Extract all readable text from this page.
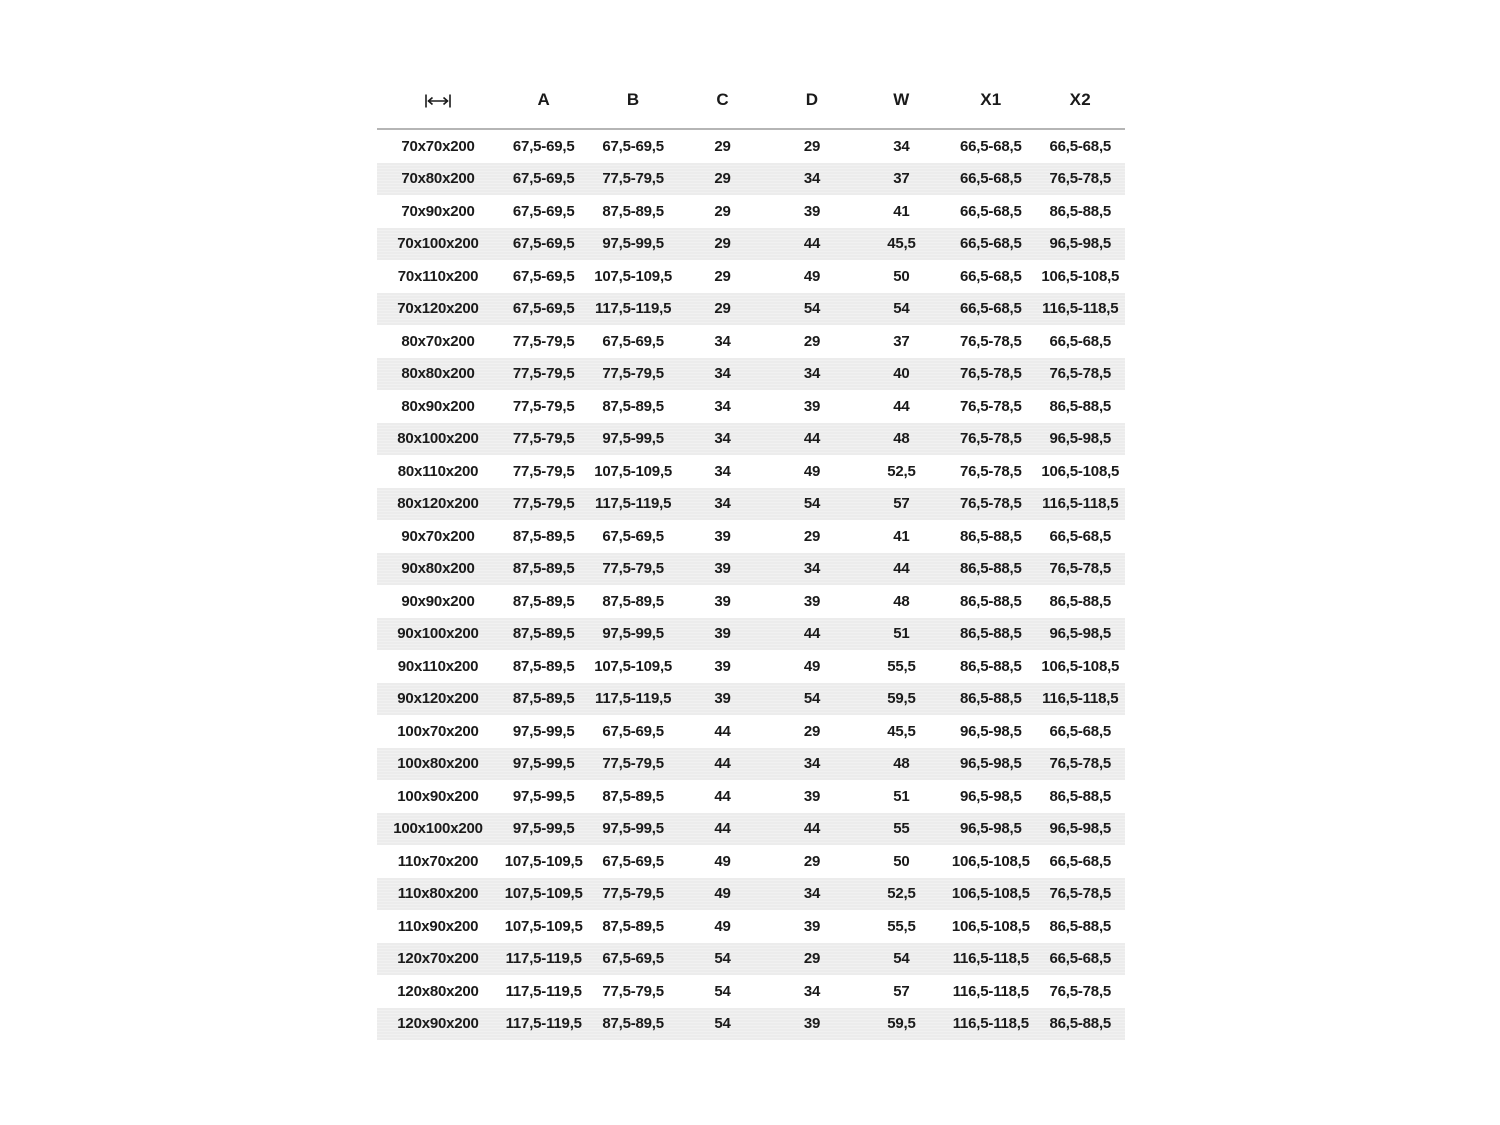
	A	B	C	D	W	X1	X2
70x70x200	67,5-69,5	67,5-69,5	29	29	34	66,5-68,5	66,5-68,5
70x80x200	67,5-69,5	77,5-79,5	29	34	37	66,5-68,5	76,5-78,5
70x90x200	67,5-69,5	87,5-89,5	29	39	41	66,5-68,5	86,5-88,5
70x100x200	67,5-69,5	97,5-99,5	29	44	45,5	66,5-68,5	96,5-98,5
70x110x200	67,5-69,5	107,5-109,5	29	49	50	66,5-68,5	106,5-108,5
70x120x200	67,5-69,5	117,5-119,5	29	54	54	66,5-68,5	116,5-118,5
80x70x200	77,5-79,5	67,5-69,5	34	29	37	76,5-78,5	66,5-68,5
80x80x200	77,5-79,5	77,5-79,5	34	34	40	76,5-78,5	76,5-78,5
80x90x200	77,5-79,5	87,5-89,5	34	39	44	76,5-78,5	86,5-88,5
80x100x200	77,5-79,5	97,5-99,5	34	44	48	76,5-78,5	96,5-98,5
80x110x200	77,5-79,5	107,5-109,5	34	49	52,5	76,5-78,5	106,5-108,5
80x120x200	77,5-79,5	117,5-119,5	34	54	57	76,5-78,5	116,5-118,5
90x70x200	87,5-89,5	67,5-69,5	39	29	41	86,5-88,5	66,5-68,5
90x80x200	87,5-89,5	77,5-79,5	39	34	44	86,5-88,5	76,5-78,5
90x90x200	87,5-89,5	87,5-89,5	39	39	48	86,5-88,5	86,5-88,5
90x100x200	87,5-89,5	97,5-99,5	39	44	51	86,5-88,5	96,5-98,5
90x110x200	87,5-89,5	107,5-109,5	39	49	55,5	86,5-88,5	106,5-108,5
90x120x200	87,5-89,5	117,5-119,5	39	54	59,5	86,5-88,5	116,5-118,5
100x70x200	97,5-99,5	67,5-69,5	44	29	45,5	96,5-98,5	66,5-68,5
100x80x200	97,5-99,5	77,5-79,5	44	34	48	96,5-98,5	76,5-78,5
100x90x200	97,5-99,5	87,5-89,5	44	39	51	96,5-98,5	86,5-88,5
100x100x200	97,5-99,5	97,5-99,5	44	44	55	96,5-98,5	96,5-98,5
110x70x200	107,5-109,5	67,5-69,5	49	29	50	106,5-108,5	66,5-68,5
110x80x200	107,5-109,5	77,5-79,5	49	34	52,5	106,5-108,5	76,5-78,5
110x90x200	107,5-109,5	87,5-89,5	49	39	55,5	106,5-108,5	86,5-88,5
120x70x200	117,5-119,5	67,5-69,5	54	29	54	116,5-118,5	66,5-68,5
120x80x200	117,5-119,5	77,5-79,5	54	34	57	116,5-118,5	76,5-78,5
120x90x200	117,5-119,5	87,5-89,5	54	39	59,5	116,5-118,5	86,5-88,5
